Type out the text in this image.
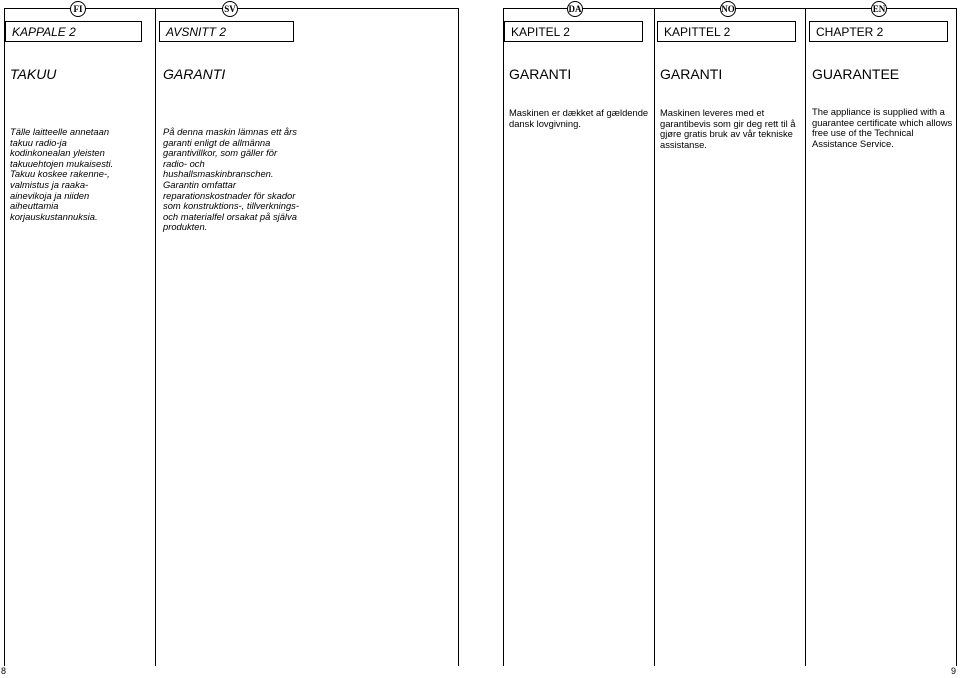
FI	SV	DA	NO	EN
KAPPALE 2	AVSNITT 2	KAPITEL 2	KAPITTEL 2	CHAPTER 2
TAKUU	GARANTI	GARANTI	GARANTI	GUARANTEE

Tälle laitteelle annetaan takuu radio-ja kodinkonealan yleisten takuuehtojen mukaisesti. Takuu koskee rakenne-, valmistus ja raaka-ainevikoja ja niiden aiheuttamia korjauskustannuksia.

På denna maskin lämnas ett års garanti enligt de allmänna garantivillkor, som gäller för radio- och hushallsmaskinbranschen. Garantin omfattar reparationskostnader för skador som konstruktions-, tillverknings- och materialfel orsakat på själva produkten.

Maskinen er dækket af gældende dansk lovgivning.

Maskinen leveres med et garantibevis som gir deg rett til å gjøre gratis bruk av vår tekniske assistanse.

The appliance is supplied with a guarantee certificate which allows free use of the Technical Assistance Service.

8	9
